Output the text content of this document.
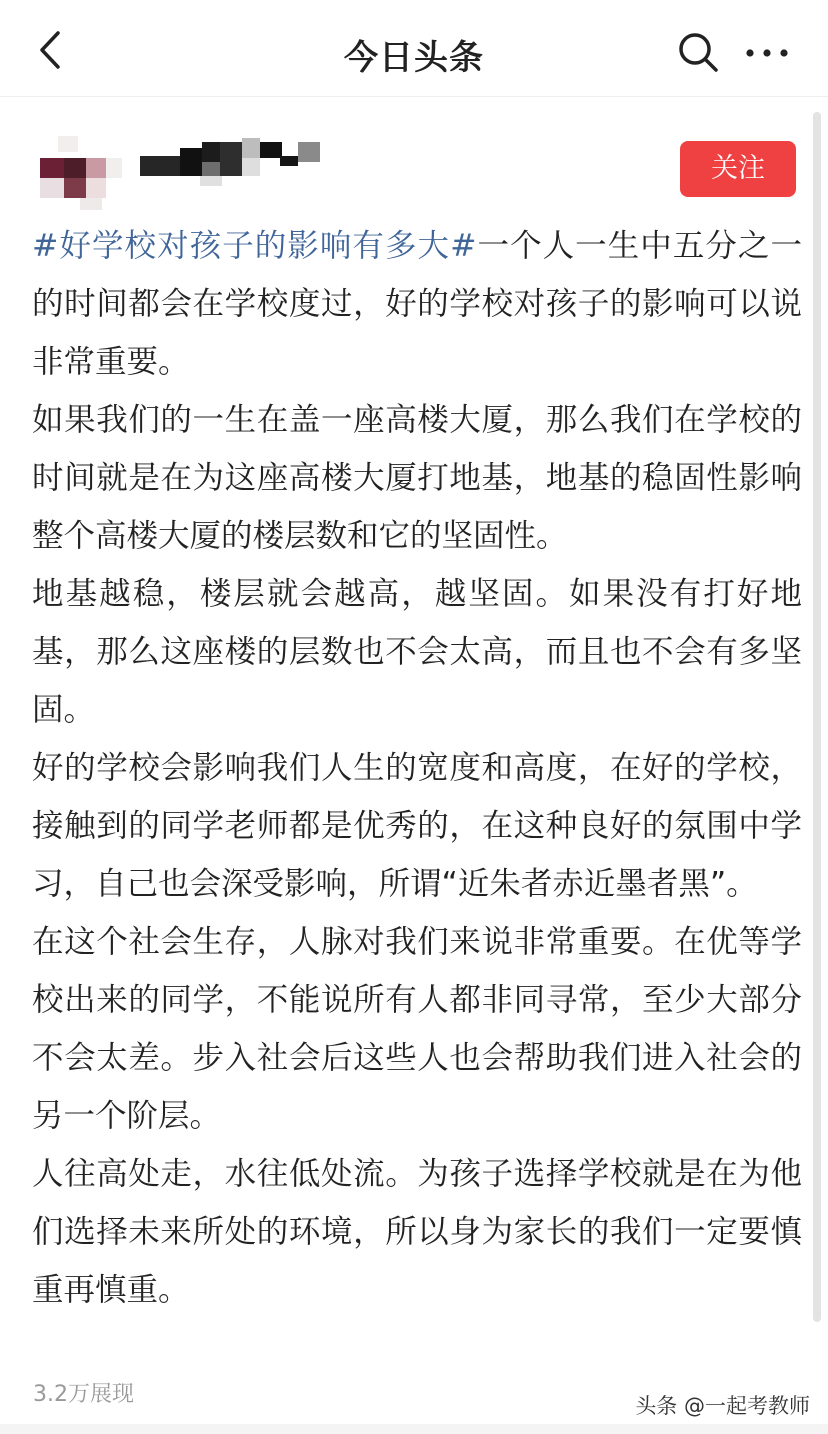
今日头条
关注

#好学校对孩子的影响有多大#一个人一生中五分之一的时间都会在学校度过，好的学校对孩子的影响可以说非常重要。

如果我们的一生在盖一座高楼大厦，那么我们在学校的时间就是在为这座高楼大厦打地基，地基的稳固性影响整个高楼大厦的楼层数和它的坚固性。

地基越稳，楼层就会越高，越坚固。如果没有打好地基，那么这座楼的层数也不会太高，而且也不会有多坚固。

好的学校会影响我们人生的宽度和高度，在好的学校，接触到的同学老师都是优秀的，在这种良好的氛围中学习，自己也会深受影响，所谓“近朱者赤近墨者黑”。

在这个社会生存，人脉对我们来说非常重要。在优等学校出来的同学，不能说所有人都非同寻常，至少大部分不会太差。步入社会后这些人也会帮助我们进入社会的另一个阶层。

人往高处走，水往低处流。为孩子选择学校就是在为他们选择未来所处的环境，所以身为家长的我们一定要慎重再慎重。

3.2万展现	头条 @一起考教师
